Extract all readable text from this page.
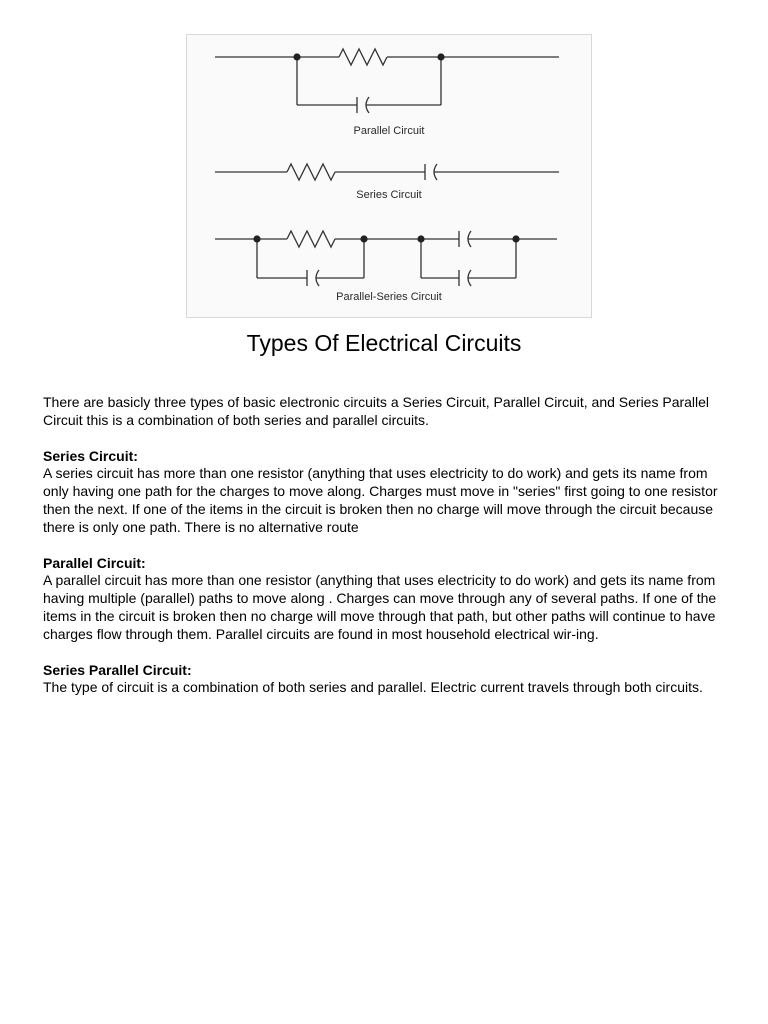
Parallel Circuit
Series Circuit
Parallel-Series Circuit
Types Of Electrical Circuits

There are basicly three types of basic electronic circuits a Series Circuit, Parallel Circuit, and Series Parallel Circuit this is a combination of both series and parallel circuits.

Series Circuit:

A series circuit has more than one resistor (anything that uses electricity to do work) and gets its name from only having one path for the charges to move along. Charges must move in "series" first going to one resistor then the next. If one of the items in the circuit is broken then no charge will move through the circuit because there is only one path. There is no alternative route

Parallel Circuit:

A parallel circuit has more than one resistor (anything that uses electricity to do work) and gets its name from having multiple (parallel) paths to move along . Charges can move through any of several paths. If one of the items in the circuit is broken then no charge will move through that path, but other paths will continue to have charges flow through them. Parallel circuits are found in most household electrical wir-ing.

Series Parallel Circuit:

The type of circuit is a combination of both series and parallel. Electric current travels through both circuits.
